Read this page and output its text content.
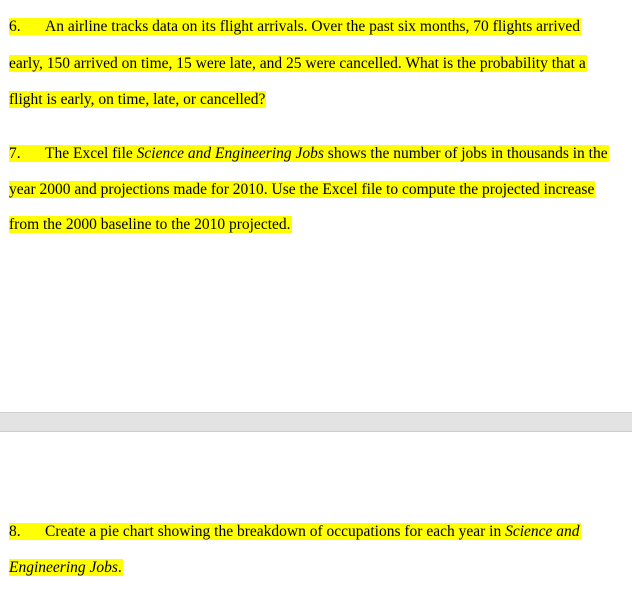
6. An airline tracks data on its flight arrivals. Over the past six months, 70 flights arrived
early, 150 arrived on time, 15 were late, and 25 were cancelled. What is the probability that a
flight is early, on time, late, or cancelled?
7. The Excel file Science and Engineering Jobs shows the number of jobs in thousands in the
year 2000 and projections made for 2010. Use the Excel file to compute the projected increase
from the 2000 baseline to the 2010 projected.
8. Create a pie chart showing the breakdown of occupations for each year in Science and
Engineering Jobs.
